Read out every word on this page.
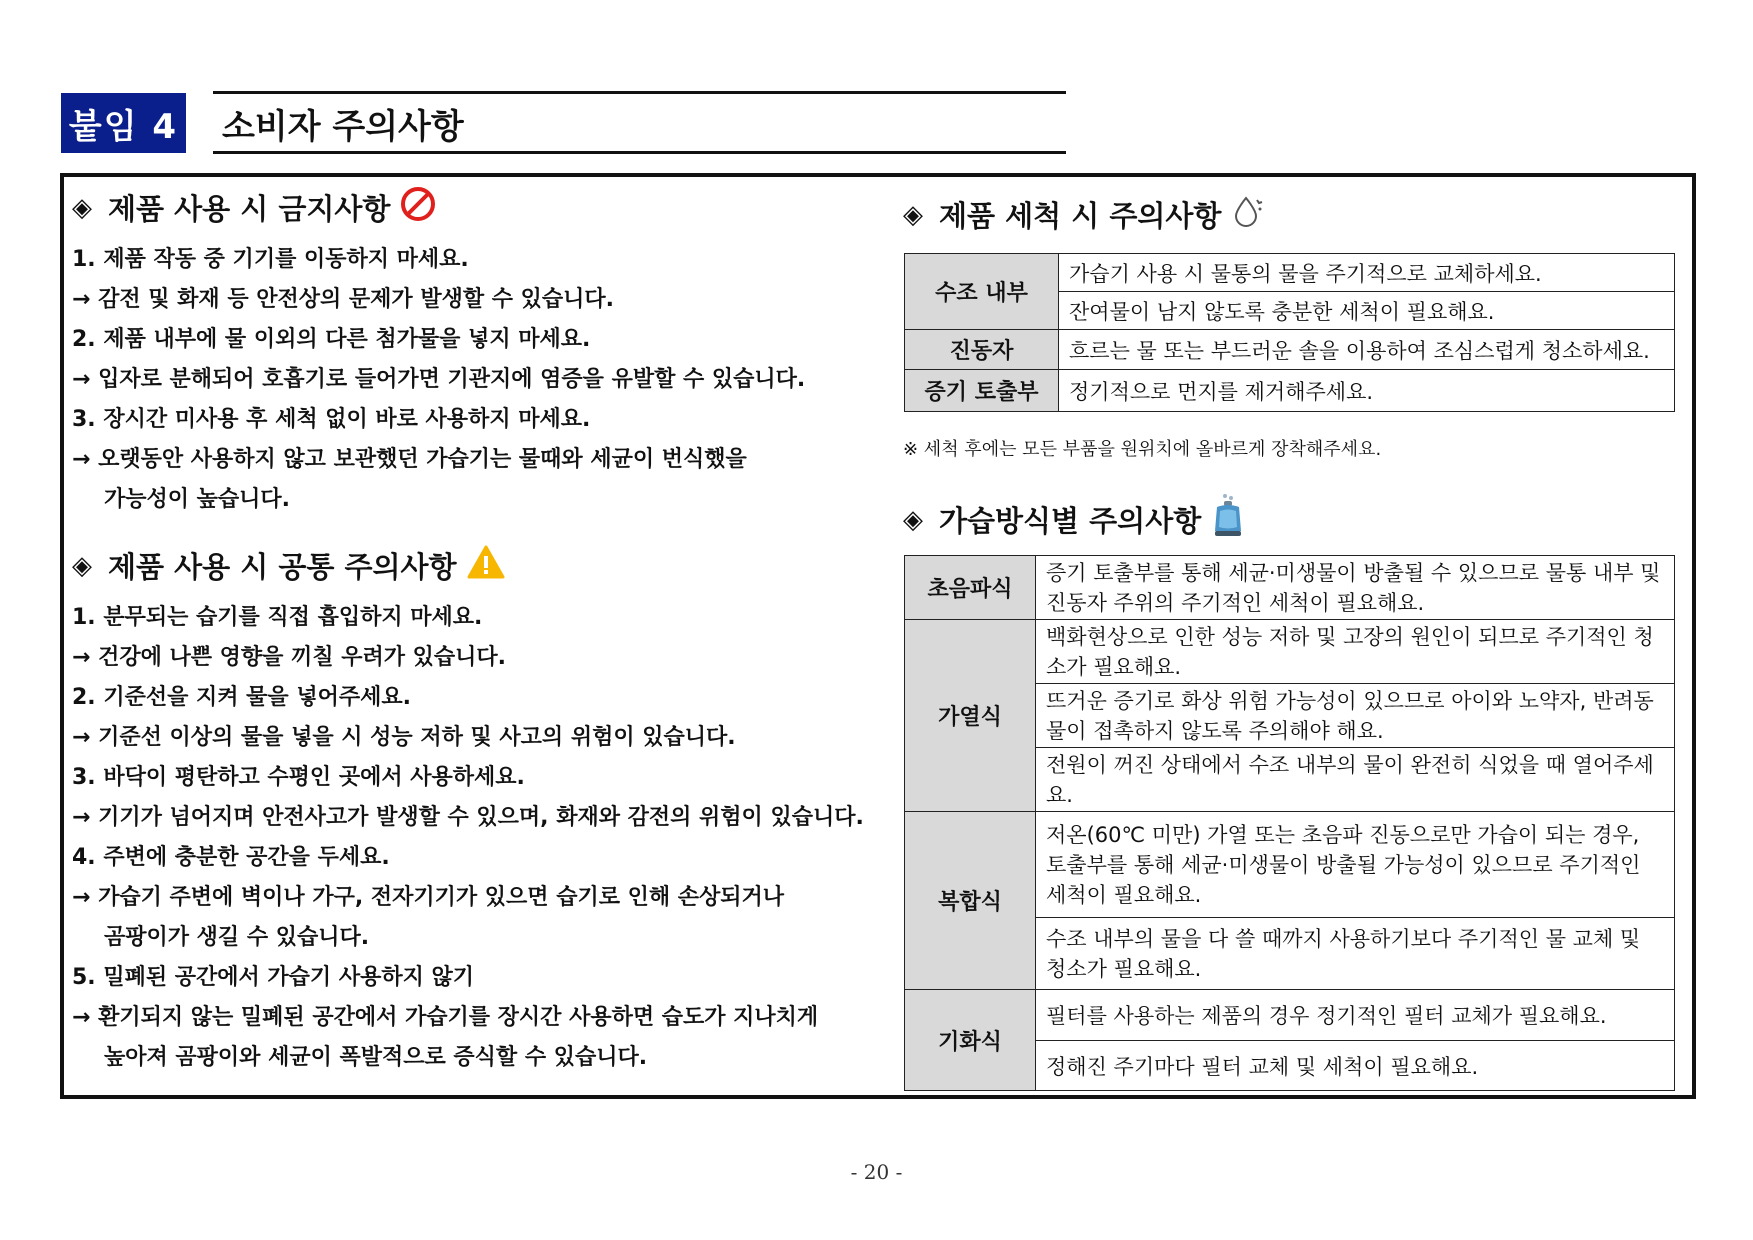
붙임 4 소비자 주의사항
◈ 제품 사용 시 금지사항
1. 제품 작동 중 기기를 이동하지 마세요.
→ 감전 및 화재 등 안전상의 문제가 발생할 수 있습니다.
2. 제품 내부에 물 이외의 다른 첨가물을 넣지 마세요.
→ 입자로 분해되어 호흡기로 들어가면 기관지에 염증을 유발할 수 있습니다.
3. 장시간 미사용 후 세척 없이 바로 사용하지 마세요.
→ 오랫동안 사용하지 않고 보관했던 가습기는 물때와 세균이 번식했을
가능성이 높습니다.
◈ 제품 사용 시 공통 주의사항
1. 분무되는 습기를 직접 흡입하지 마세요.
→ 건강에 나쁜 영향을 끼칠 우려가 있습니다.
2. 기준선을 지켜 물을 넣어주세요.
→ 기준선 이상의 물을 넣을 시 성능 저하 및 사고의 위험이 있습니다.
3. 바닥이 평탄하고 수평인 곳에서 사용하세요.
→ 기기가 넘어지며 안전사고가 발생할 수 있으며, 화재와 감전의 위험이 있습니다.
4. 주변에 충분한 공간을 두세요.
→ 가습기 주변에 벽이나 가구, 전자기기가 있으면 습기로 인해 손상되거나
곰팡이가 생길 수 있습니다.
5. 밀폐된 공간에서 가습기 사용하지 않기
→ 환기되지 않는 밀폐된 공간에서 가습기를 장시간 사용하면 습도가 지나치게
높아져 곰팡이와 세균이 폭발적으로 증식할 수 있습니다.
◈ 제품 세척 시 주의사항
수조 내부	가습기 사용 시 물통의 물을 주기적으로 교체하세요.
	잔여물이 남지 않도록 충분한 세척이 필요해요.
진동자	흐르는 물 또는 부드러운 솔을 이용하여 조심스럽게 청소하세요.
증기 토출부	정기적으로 먼지를 제거해주세요.
※ 세척 후에는 모든 부품을 원위치에 올바르게 장착해주세요.
◈ 가습방식별 주의사항
초음파식	증기 토출부를 통해 세균·미생물이 방출될 수 있으므로 물통 내부 및 진동자 주위의 주기적인 세척이 필요해요.
가열식	백화현상으로 인한 성능 저하 및 고장의 원인이 되므로 주기적인 청소가 필요해요.
	뜨거운 증기로 화상 위험 가능성이 있으므로 아이와 노약자, 반려동물이 접촉하지 않도록 주의해야 해요.
	전원이 꺼진 상태에서 수조 내부의 물이 완전히 식었을 때 열어주세요.
복합식	저온(60℃ 미만) 가열 또는 초음파 진동으로만 가습이 되는 경우, 토출부를 통해 세균·미생물이 방출될 가능성이 있으므로 주기적인 세척이 필요해요.
	수조 내부의 물을 다 쓸 때까지 사용하기보다 주기적인 물 교체 및 청소가 필요해요.
기화식	필터를 사용하는 제품의 경우 정기적인 필터 교체가 필요해요.
	정해진 주기마다 필터 교체 및 세척이 필요해요.
- 20 -
